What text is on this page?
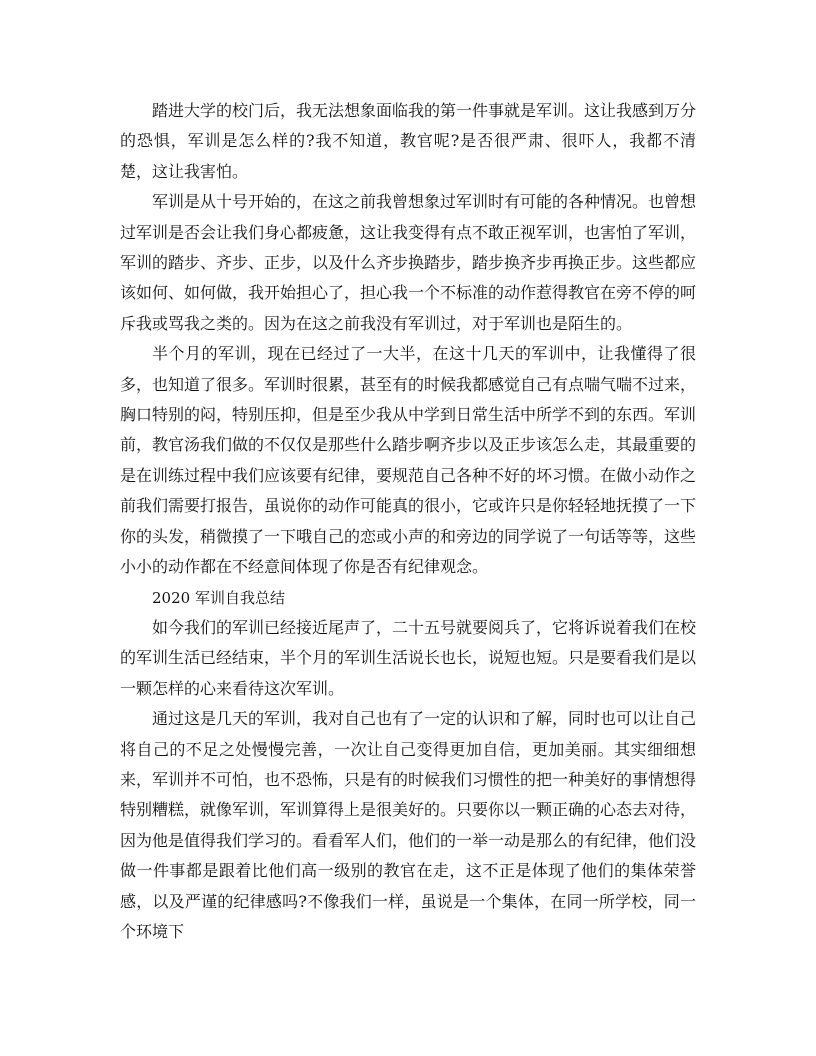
踏进大学的校门后，我无法想象面临我的第一件事就是军训。这让我感到万分的恐惧，军训是怎么样的?我不知道，教官呢?是否很严肃、很吓人，我都不清楚，这让我害怕。

军训是从十号开始的，在这之前我曾想象过军训时有可能的各种情况。也曾想过军训是否会让我们身心都疲惫，这让我变得有点不敢正视军训，也害怕了军训，军训的踏步、齐步、正步，以及什么齐步换踏步，踏步换齐步再换正步。这些都应该如何、如何做，我开始担心了，担心我一个不标准的动作惹得教官在旁不停的呵斥我或骂我之类的。因为在这之前我没有军训过，对于军训也是陌生的。

半个月的军训，现在已经过了一大半，在这十几天的军训中，让我懂得了很多，也知道了很多。军训时很累，甚至有的时候我都感觉自己有点喘气喘不过来，胸口特别的闷，特别压抑，但是至少我从中学到日常生活中所学不到的东西。军训前，教官汤我们做的不仅仅是那些什么踏步啊齐步以及正步该怎么走，其最重要的是在训练过程中我们应该要有纪律，要规范自己各种不好的坏习惯。在做小动作之前我们需要打报告，虽说你的动作可能真的很小，它或许只是你轻轻地抚摸了一下你的头发，稍微摸了一下哦自己的恋或小声的和旁边的同学说了一句话等等，这些小小的动作都在不经意间体现了你是否有纪律观念。

2020 军训自我总结

如今我们的军训已经接近尾声了，二十五号就要阅兵了，它将诉说着我们在校的军训生活已经结束，半个月的军训生活说长也长，说短也短。只是要看我们是以一颗怎样的心来看待这次军训。

通过这是几天的军训，我对自己也有了一定的认识和了解，同时也可以让自己将自己的不足之处慢慢完善，一次让自己变得更加自信，更加美丽。其实细细想来，军训并不可怕，也不恐怖，只是有的时候我们习惯性的把一种美好的事情想得特别糟糕，就像军训，军训算得上是很美好的。只要你以一颗正确的心态去对待，因为他是值得我们学习的。看看军人们，他们的一举一动是那么的有纪律，他们没做一件事都是跟着比他们高一级别的教官在走，这不正是体现了他们的集体荣誉感，以及严谨的纪律感吗?不像我们一样，虽说是一个集体，在同一所学校，同一个环境下
